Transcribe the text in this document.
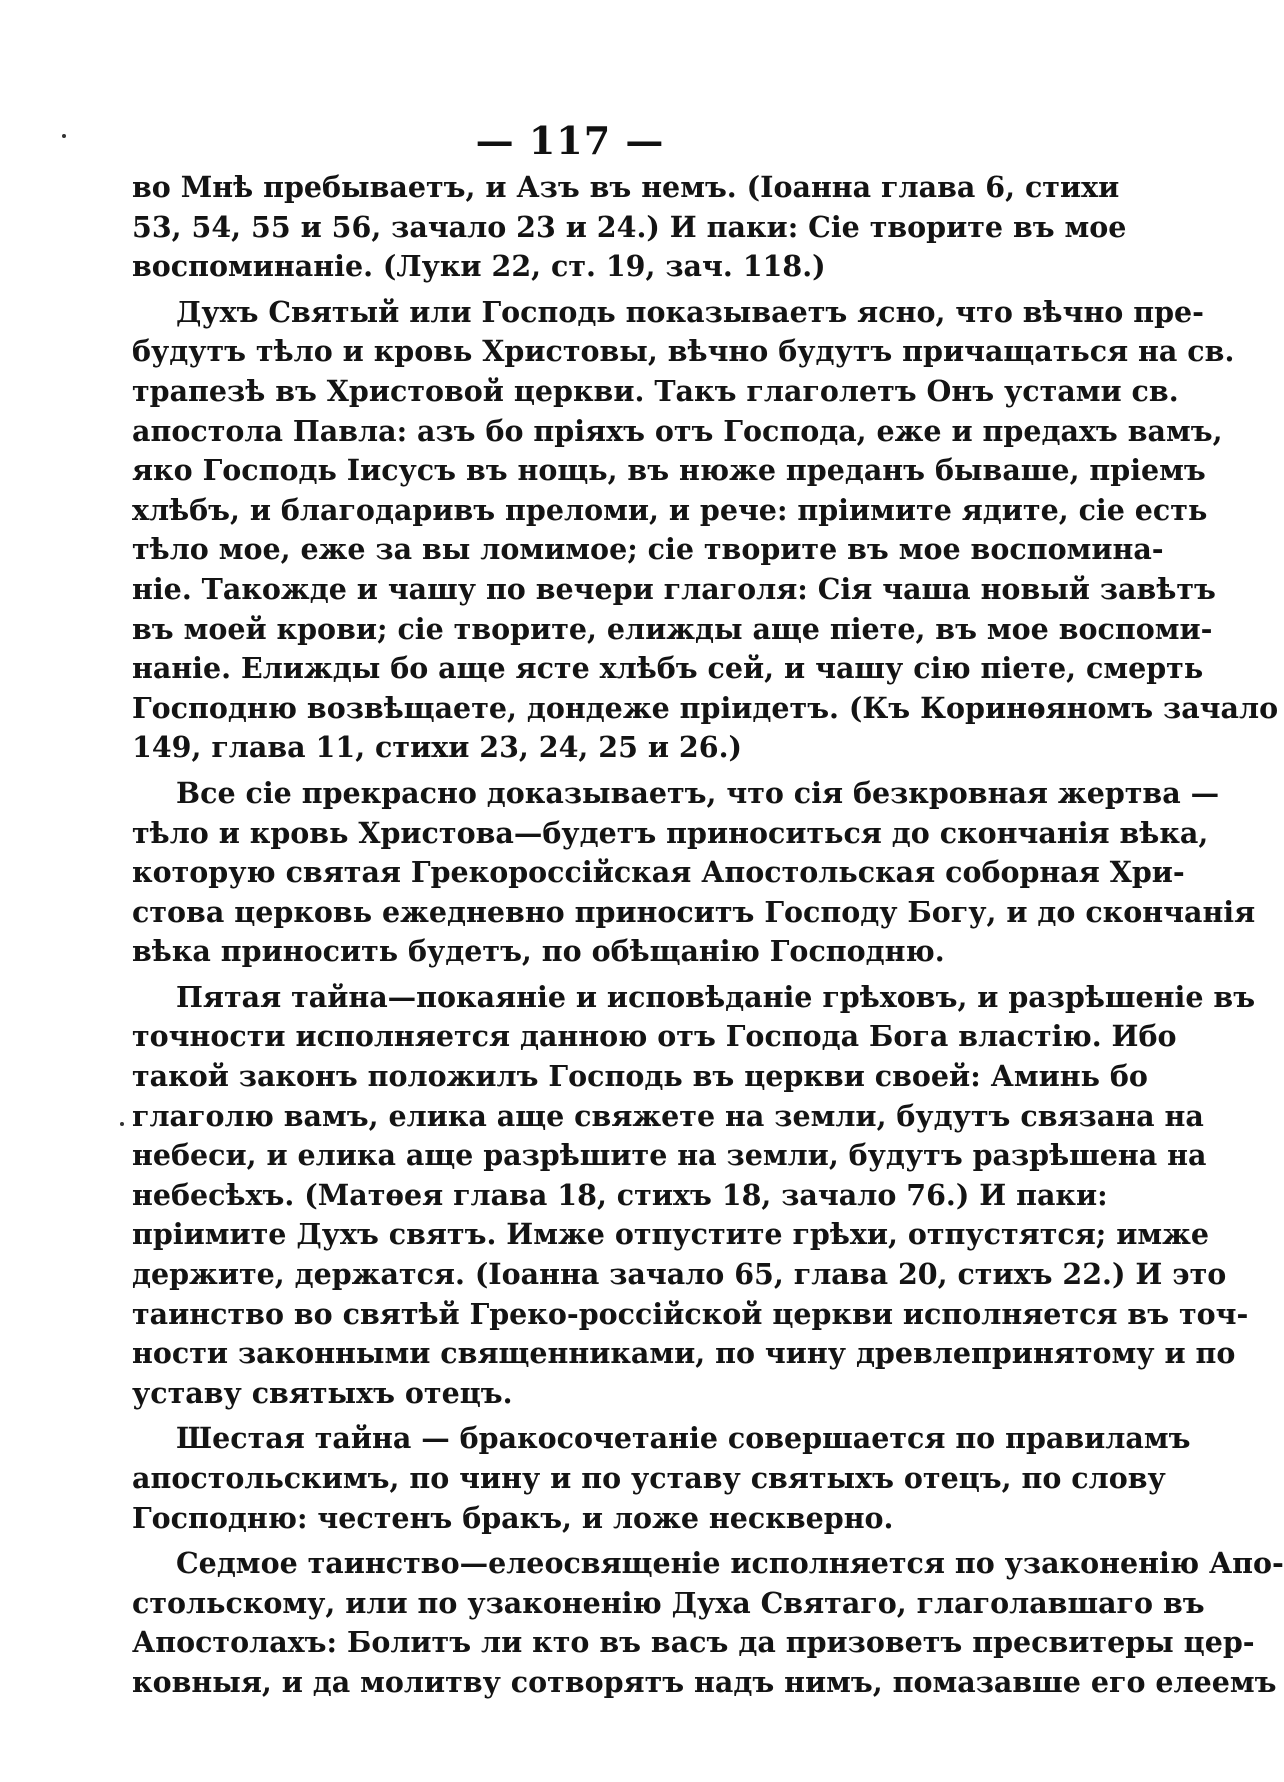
— 117 —
во Мнѣ пребываетъ, и Азъ въ немъ. (Іоанна глава 6, стихи
53, 54, 55 и 56, зачало 23 и 24.) И паки: Сіе творите въ мое
воспоминаніе. (Луки 22, ст. 19, зач. 118.)
Духъ Святый или Господь показываетъ ясно, что вѣчно пре-
будутъ тѣло и кровь Христовы, вѣчно будутъ причащаться на св.
трапезѣ въ Христовой церкви. Такъ глаголетъ Онъ устами св.
апостола Павла: азъ бо пріяхъ отъ Господа, еже и предахъ вамъ,
яко Господь Іисусъ въ нощь, въ нюже преданъ бываше, пріемъ
хлѣбъ, и благодаривъ преломи, и рече: пріимите ядите, сіе есть
тѣло мое, еже за вы ломимое; сіе творите въ мое воспомина-
ніе. Такожде и чашу по вечери глаголя: Сія чаша новый завѣтъ
въ моей крови; сіе творите, елижды аще піете, въ мое воспоми-
наніе. Елижды бо аще ясте хлѣбъ сей, и чашу сію піете, смерть
Господню возвѣщаете, дондеже пріидетъ. (Къ Коринѳяномъ зачало
149, глава 11, стихи 23, 24, 25 и 26.)
Все сіе прекрасно доказываетъ, что сія безкровная жертва —
тѣло и кровь Христова—будетъ приноситься до скончанія вѣка,
которую святая Грекороссійская Апостольская соборная Хри-
стова церковь ежедневно приноситъ Господу Богу, и до скончанія
вѣка приносить будетъ, по обѣщанію Господню.
Пятая тайна—покаяніе и исповѣданіе грѣховъ, и разрѣшеніе въ
точности исполняется данною отъ Господа Бога властію. Ибо
такой законъ положилъ Господь въ церкви своей: Аминь бо
глаголю вамъ, елика аще свяжете на земли, будутъ связана на
небеси, и елика аще разрѣшите на земли, будутъ разрѣшена на
небесѣхъ. (Матѳея глава 18, стихъ 18, зачало 76.) И паки:
пріимите Духъ святъ. Имже отпустите грѣхи, отпустятся; имже
держите, держатся. (Іоанна зачало 65, глава 20, стихъ 22.) И это
таинство во святѣй Греко-россійской церкви исполняется въ точ-
ности законными священниками, по чину древлепринятому и по
уставу святыхъ отецъ.
Шестая тайна — бракосочетаніе совершается по правиламъ
апостольскимъ, по чину и по уставу святыхъ отецъ, по слову
Господню: честенъ бракъ, и ложе нескверно.
Седмое таинство—елеосвященіе исполняется по узаконенію Апо-
стольскому, или по узаконенію Духа Святаго, глаголавшаго въ
Апостолахъ: Болитъ ли кто въ васъ да призоветъ пресвитеры цер-
ковныя, и да молитву сотворятъ надъ нимъ, помазавше его елеемъ
